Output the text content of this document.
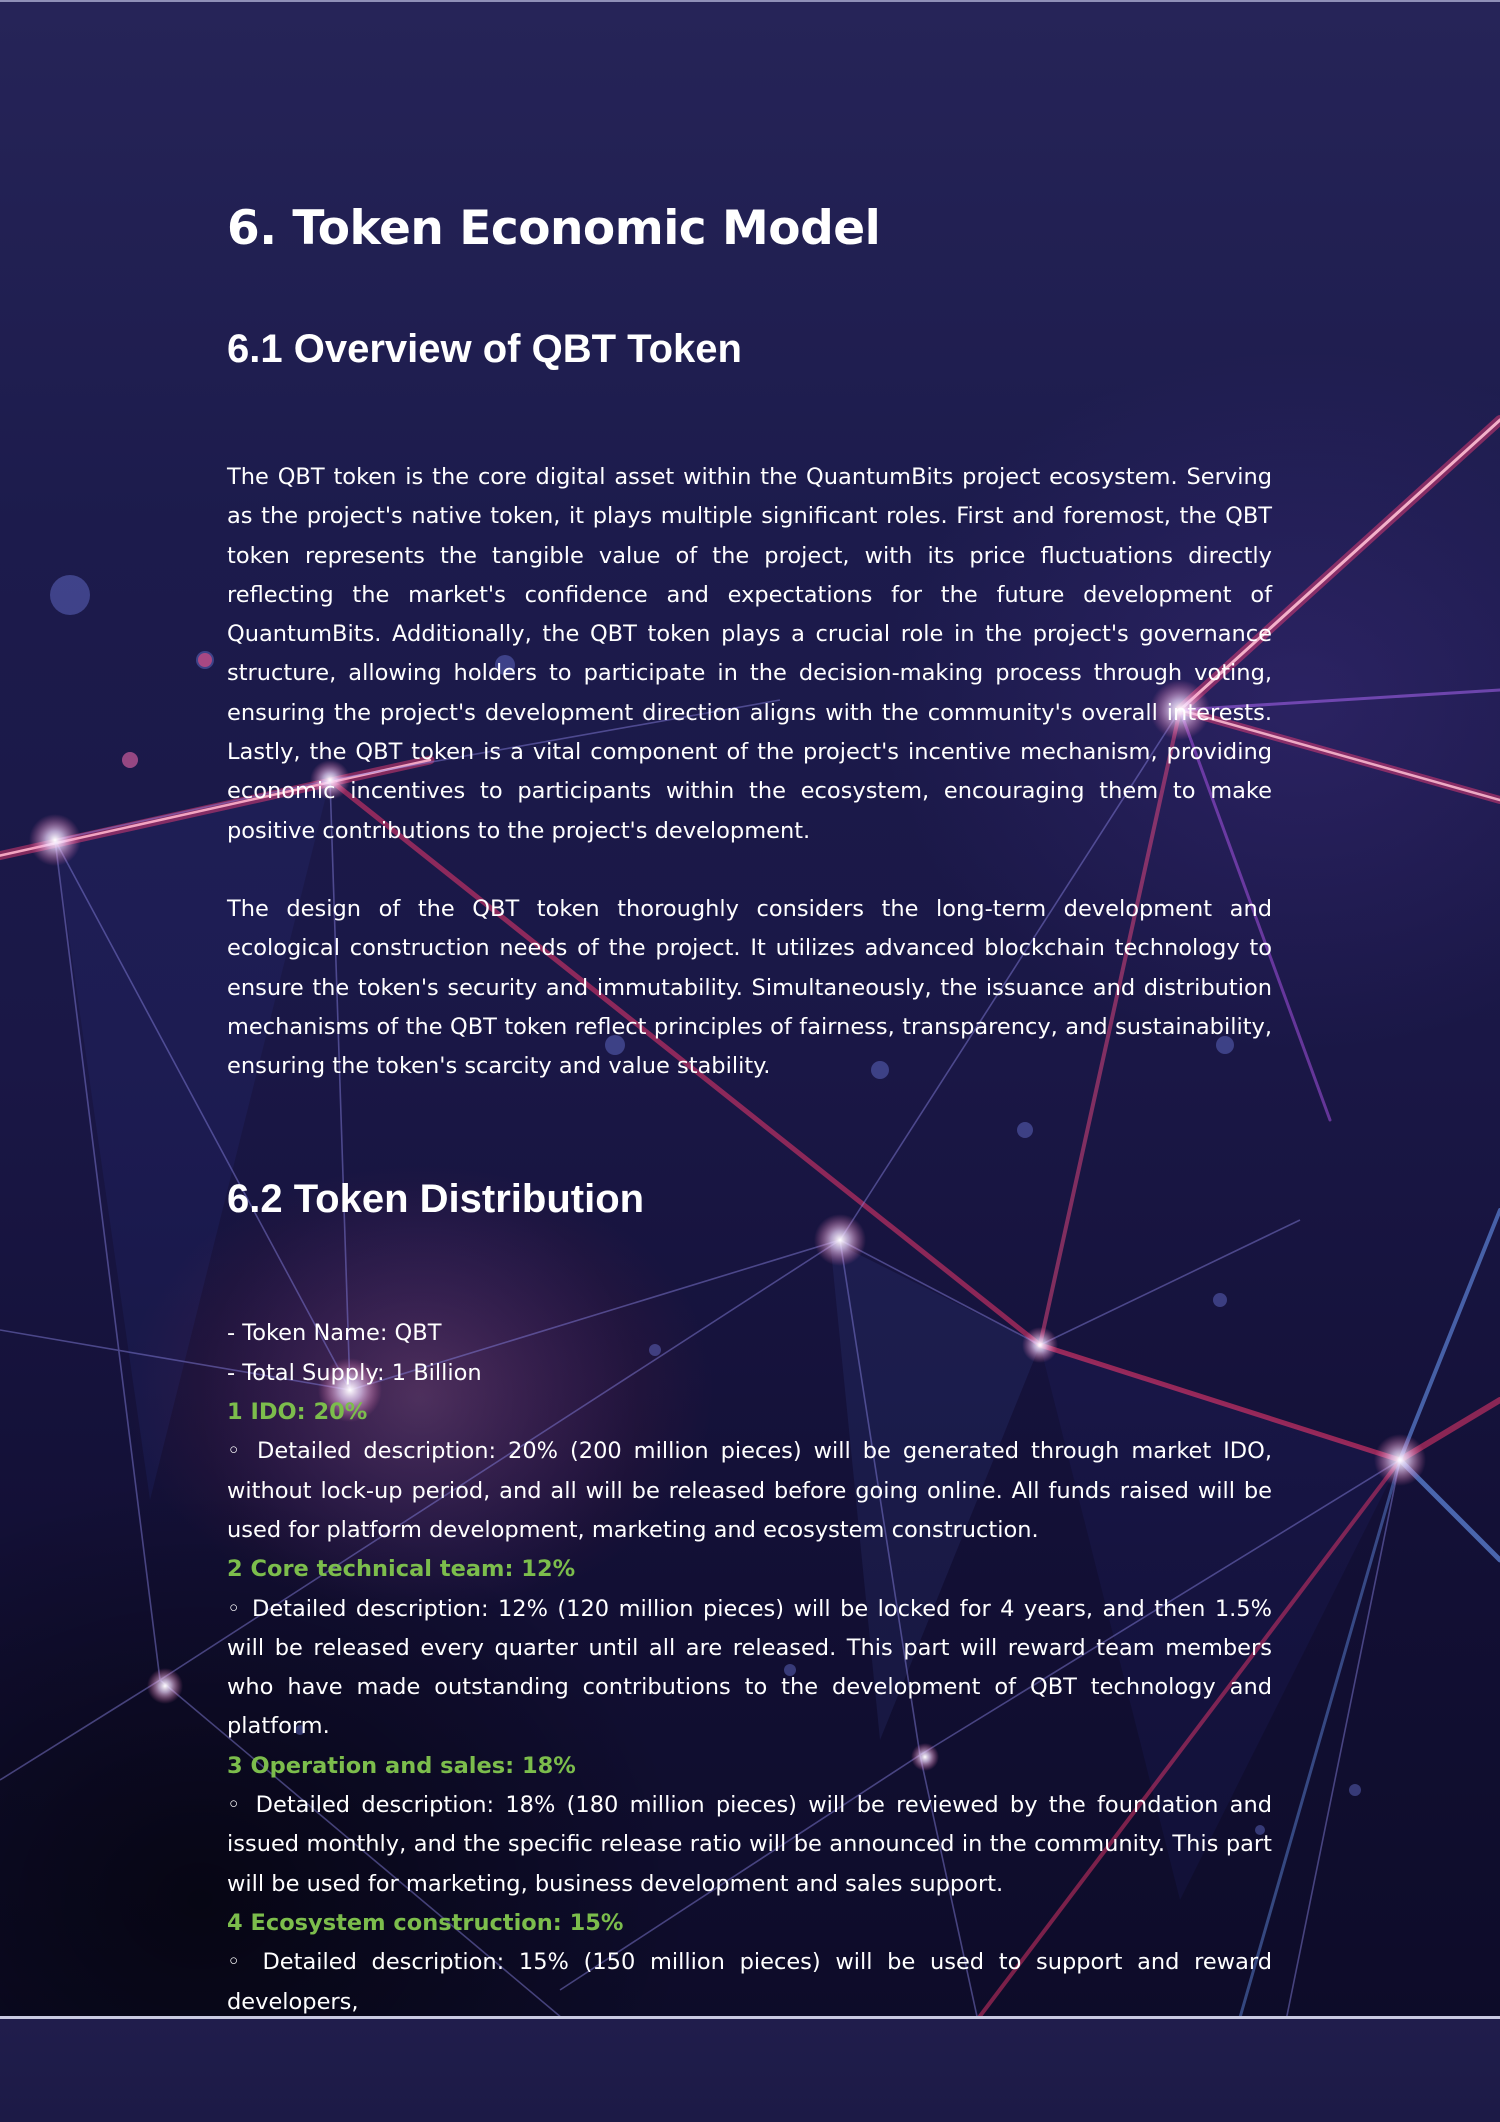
6. Token Economic Model
6.1 Overview of QBT Token

The QBT token is the core digital asset within the QuantumBits project ecosystem. Serving as the project's native token, it plays multiple significant roles. First and foremost, the QBT token represents the tangible value of the project, with its price fluctuations directly reflecting the market's confidence and expectations for the future development of QuantumBits. Additionally, the QBT token plays a crucial role in the project's governance structure, allowing holders to participate in the decision-making process through voting, ensuring the project's development direction aligns with the community's overall interests. Lastly, the QBT token is a vital component of the project's incentive mechanism, providing economic incentives to participants within the ecosystem, encouraging them to make positive contributions to the project's development.

The design of the QBT token thoroughly considers the long-term development and ecological construction needs of the project. It utilizes advanced blockchain technology to ensure the token's security and immutability. Simultaneously, the issuance and distribution mechanisms of the QBT token reflect principles of fairness, transparency, and sustainability, ensuring the token's scarcity and value stability.

6.2 Token Distribution
- Token Name: QBT
- Total Supply: 1 Billion
1 IDO: 20%
◦ Detailed description: 20% (200 million pieces) will be generated through market IDO, without lock-up period, and all will be released before going online. All funds raised will be used for platform development, marketing and ecosystem construction.
2 Core technical team: 12%
◦ Detailed description: 12% (120 million pieces) will be locked for 4 years, and then 1.5% will be released every quarter until all are released. This part will reward team members who have made outstanding contributions to the development of QBT technology and platform.
3 Operation and sales: 18%
◦ Detailed description: 18% (180 million pieces) will be reviewed by the foundation and issued monthly, and the specific release ratio will be announced in the community. This part will be used for marketing, business development and sales support.
4 Ecosystem construction: 15%
◦ Detailed description: 15% (150 million pieces) will be used to support and reward developers,
